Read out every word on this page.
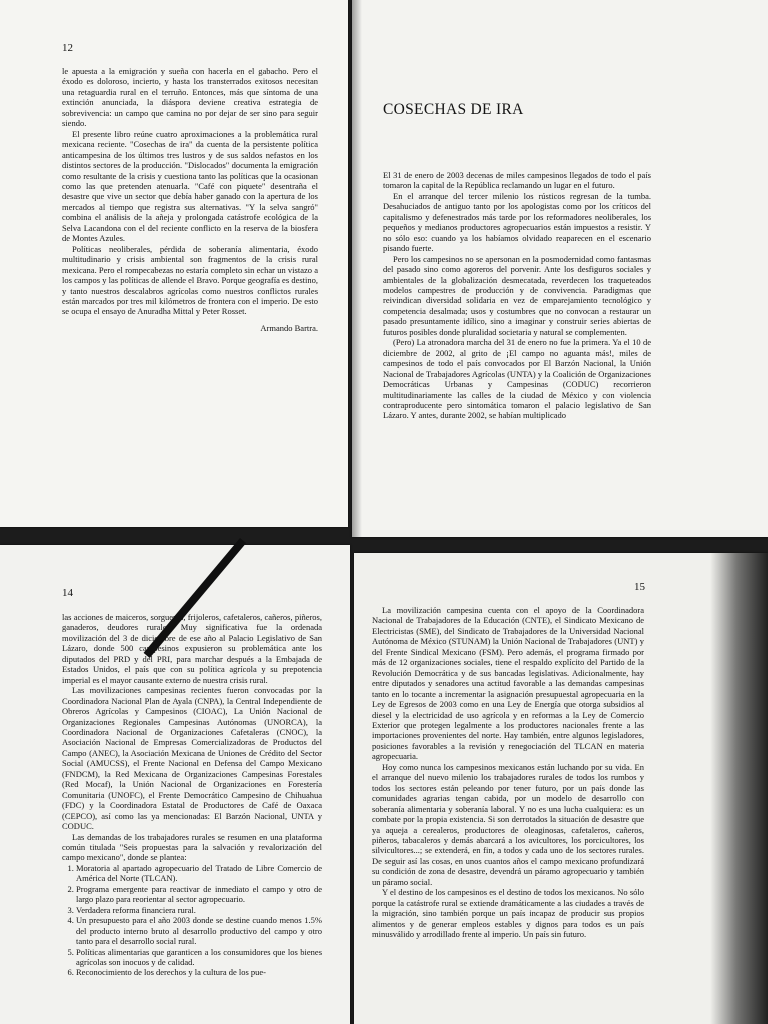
12

le apuesta a la emigración y sueña con hacerla en el gabacho. Pero el éxodo es doloroso, incierto, y hasta los transterrados exitosos necesitan una retaguardia rural en el terruño. Entonces, más que síntoma de una extinción anunciada, la diáspora deviene creativa estrategia de sobrevivencia: un campo que camina no por dejar de ser sino para seguir siendo.

El presente libro reúne cuatro aproximaciones a la problemática rural mexicana reciente. "Cosechas de ira" da cuenta de la persistente política anticampesina de los últimos tres lustros y de sus saldos nefastos en los distintos sectores de la producción. "Dislocados" documenta la emigración como resultante de la crisis y cuestiona tanto las políticas que la ocasionan como las que pretenden atenuarla. "Café con piquete" desentraña el desastre que vive un sector que debía haber ganado con la apertura de los mercados al tiempo que registra sus alternativas. "Y la selva sangró" combina el análisis de la añeja y prolongada catástrofe ecológica de la Selva Lacandona con el del reciente conflicto en la reserva de la biosfera de Montes Azules.

Políticas neoliberales, pérdida de soberanía alimentaria, éxodo multitudinario y crisis ambiental son fragmentos de la crisis rural mexicana. Pero el rompecabezas no estaría completo sin echar un vistazo a los campos y las políticas de allende el Bravo. Porque geografía es destino, y tanto nuestros descalabros agrícolas como nuestros conflictos rurales están marcados por tres mil kilómetros de frontera con el imperio. De esto se ocupa el ensayo de Anuradha Mittal y Peter Rosset.

Armando Bartra.

COSECHAS DE IRA

El 31 de enero de 2003 decenas de miles campesinos llegados de todo el país tomaron la capital de la República reclamando un lugar en el futuro.

En el arranque del tercer milenio los rústicos regresan de la tumba. Desahuciados de antiguo tanto por los apologistas como por los críticos del capitalismo y defenestrados más tarde por los reformadores neoliberales, los pequeños y medianos productores agropecuarios están impuestos a resistir. Y no sólo eso: cuando ya los habíamos olvidado reaparecen en el escenario pisando fuerte.

Pero los campesinos no se apersonan en la posmodernidad como fantasmas del pasado sino como agoreros del porvenir. Ante los desfiguros sociales y ambientales de la globalización desmecatada, reverdecen los traqueteados modelos campestres de producción y de convivencia. Paradigmas que reivindican diversidad solidaria en vez de emparejamiento tecnológico y competencia desalmada; usos y costumbres que no convocan a restaurar un pasado presuntamente idílico, sino a imaginar y construir series abiertas de futuros posibles donde pluralidad societaria y natural se complementen.

(Pero) La atronadora marcha del 31 de enero no fue la primera. Ya el 10 de diciembre de 2002, al grito de ¡El campo no aguanta más!, miles de campesinos de todo el país convocados por El Barzón Nacional, la Unión Nacional de Trabajadores Agrícolas (UNTA) y la Coalición de Organizaciones Democráticas Urbanas y Campesinas (CODUC) recorrieron multitudinariamente las calles de la ciudad de México y con violencia contraproducente pero sintomática tomaron el palacio legislativo de San Lázaro. Y antes, durante 2002, se habían multiplicado

14

las acciones de maiceros, sorgueros, frijoleros, cafetaleros, cañeros, piñeros, ganaderos, deudores rurales. Muy significativa fue la ordenada movilización del 3 de diciembre de ese año al Palacio Legislativo de San Lázaro, donde 500 campesinos expusieron su problemática ante los diputados del PRD y del PRI, para marchar después a la Embajada de Estados Unidos, el país que con su política agrícola y su prepotencia imperial es el mayor causante externo de nuestra crisis rural.

Las movilizaciones campesinas recientes fueron convocadas por la Coordinadora Nacional Plan de Ayala (CNPA), la Central Independiente de Obreros Agrícolas y Campesinos (CIOAC), La Unión Nacional de Organizaciones Regionales Campesinas Autónomas (UNORCA), la Coordinadora Nacional de Organizaciones Cafetaleras (CNOC), la Asociación Nacional de Empresas Comercializadoras de Productos del Campo (ANEC), la Asociación Mexicana de Uniones de Crédito del Sector Social (AMUCSS), el Frente Nacional en Defensa del Campo Mexicano (FNDCM), la Red Mexicana de Organizaciones Campesinas Forestales (Red Mocaf), la Unión Nacional de Organizaciones en Forestería Comunitaria (UNOFC), el Frente Democrático Campesino de Chihuahua (FDC) y la Coordinadora Estatal de Productores de Café de Oaxaca (CEPCO), así como las ya mencionadas: El Barzón Nacional, UNTA y CODUC.

Las demandas de los trabajadores rurales se resumen en una plataforma común titulada "Seis propuestas para la salvación y revalorización del campo mexicano", donde se plantea:

1. Moratoria al apartado agropecuario del Tratado de Libre Comercio de América del Norte (TLCAN).
2. Programa emergente para reactivar de inmediato el campo y otro de largo plazo para reorientar al sector agropecuario.
3. Verdadera reforma financiera rural.
4. Un presupuesto para el año 2003 donde se destine cuando menos 1.5% del producto interno bruto al desarrollo productivo del campo y otro tanto para el desarrollo social rural.
5. Políticas alimentarias que garanticen a los consumidores que los bienes agrícolas son inocuos y de calidad.
6. Reconocimiento de los derechos y la cultura de los pue-
15

La movilización campesina cuenta con el apoyo de la Coordinadora Nacional de Trabajadores de la Educación (CNTE), el Sindicato Mexicano de Electricistas (SME), del Sindicato de Trabajadores de la Universidad Nacional Autónoma de México (STUNAM) la Unión Nacional de Trabajadores (UNT) y del Frente Sindical Mexicano (FSM). Pero además, el programa firmado por más de 12 organizaciones sociales, tiene el respaldo explícito del Partido de la Revolución Democrática y de sus bancadas legislativas. Adicionalmente, hay entre diputados y senadores una actitud favorable a las demandas campesinas tanto en lo tocante a incrementar la asignación presupuestal agropecuaria en la Ley de Egresos de 2003 como en una Ley de Energía que otorga subsidios al diesel y la electricidad de uso agrícola y en reformas a la Ley de Comercio Exterior que protegen legalmente a los productores nacionales frente a las importaciones provenientes del norte. Hay también, entre algunos legisladores, posiciones favorables a la revisión y renegociación del TLCAN en materia agropecuaria.

Hoy como nunca los campesinos mexicanos están luchando por su vida. En el arranque del nuevo milenio los trabajadores rurales de todos los rumbos y todos los sectores están peleando por tener futuro, por un país donde las comunidades agrarias tengan cabida, por un modelo de desarrollo con soberanía alimentaria y soberanía laboral. Y no es una lucha cualquiera: es un combate por la propia existencia. Si son derrotados la situación de desastre que ya aqueja a cerealeros, productores de oleaginosas, cafetaleros, cañeros, piñeros, tabacaleros y demás abarcará a los avicultores, los porcicultores, los silvicultores...; se extenderá, en fin, a todos y cada uno de los sectores rurales. De seguir así las cosas, en unos cuantos años el campo mexicano profundizará su condición de zona de desastre, devendrá un páramo agropecuario y también un páramo social.

Y el destino de los campesinos es el destino de todos los mexicanos. No sólo porque la catástrofe rural se extiende dramáticamente a las ciudades a través de la migración, sino también porque un país incapaz de producir sus propios alimentos y de generar empleos estables y dignos para todos es un país minusválido y arrodillado frente al imperio. Un país sin futuro.
